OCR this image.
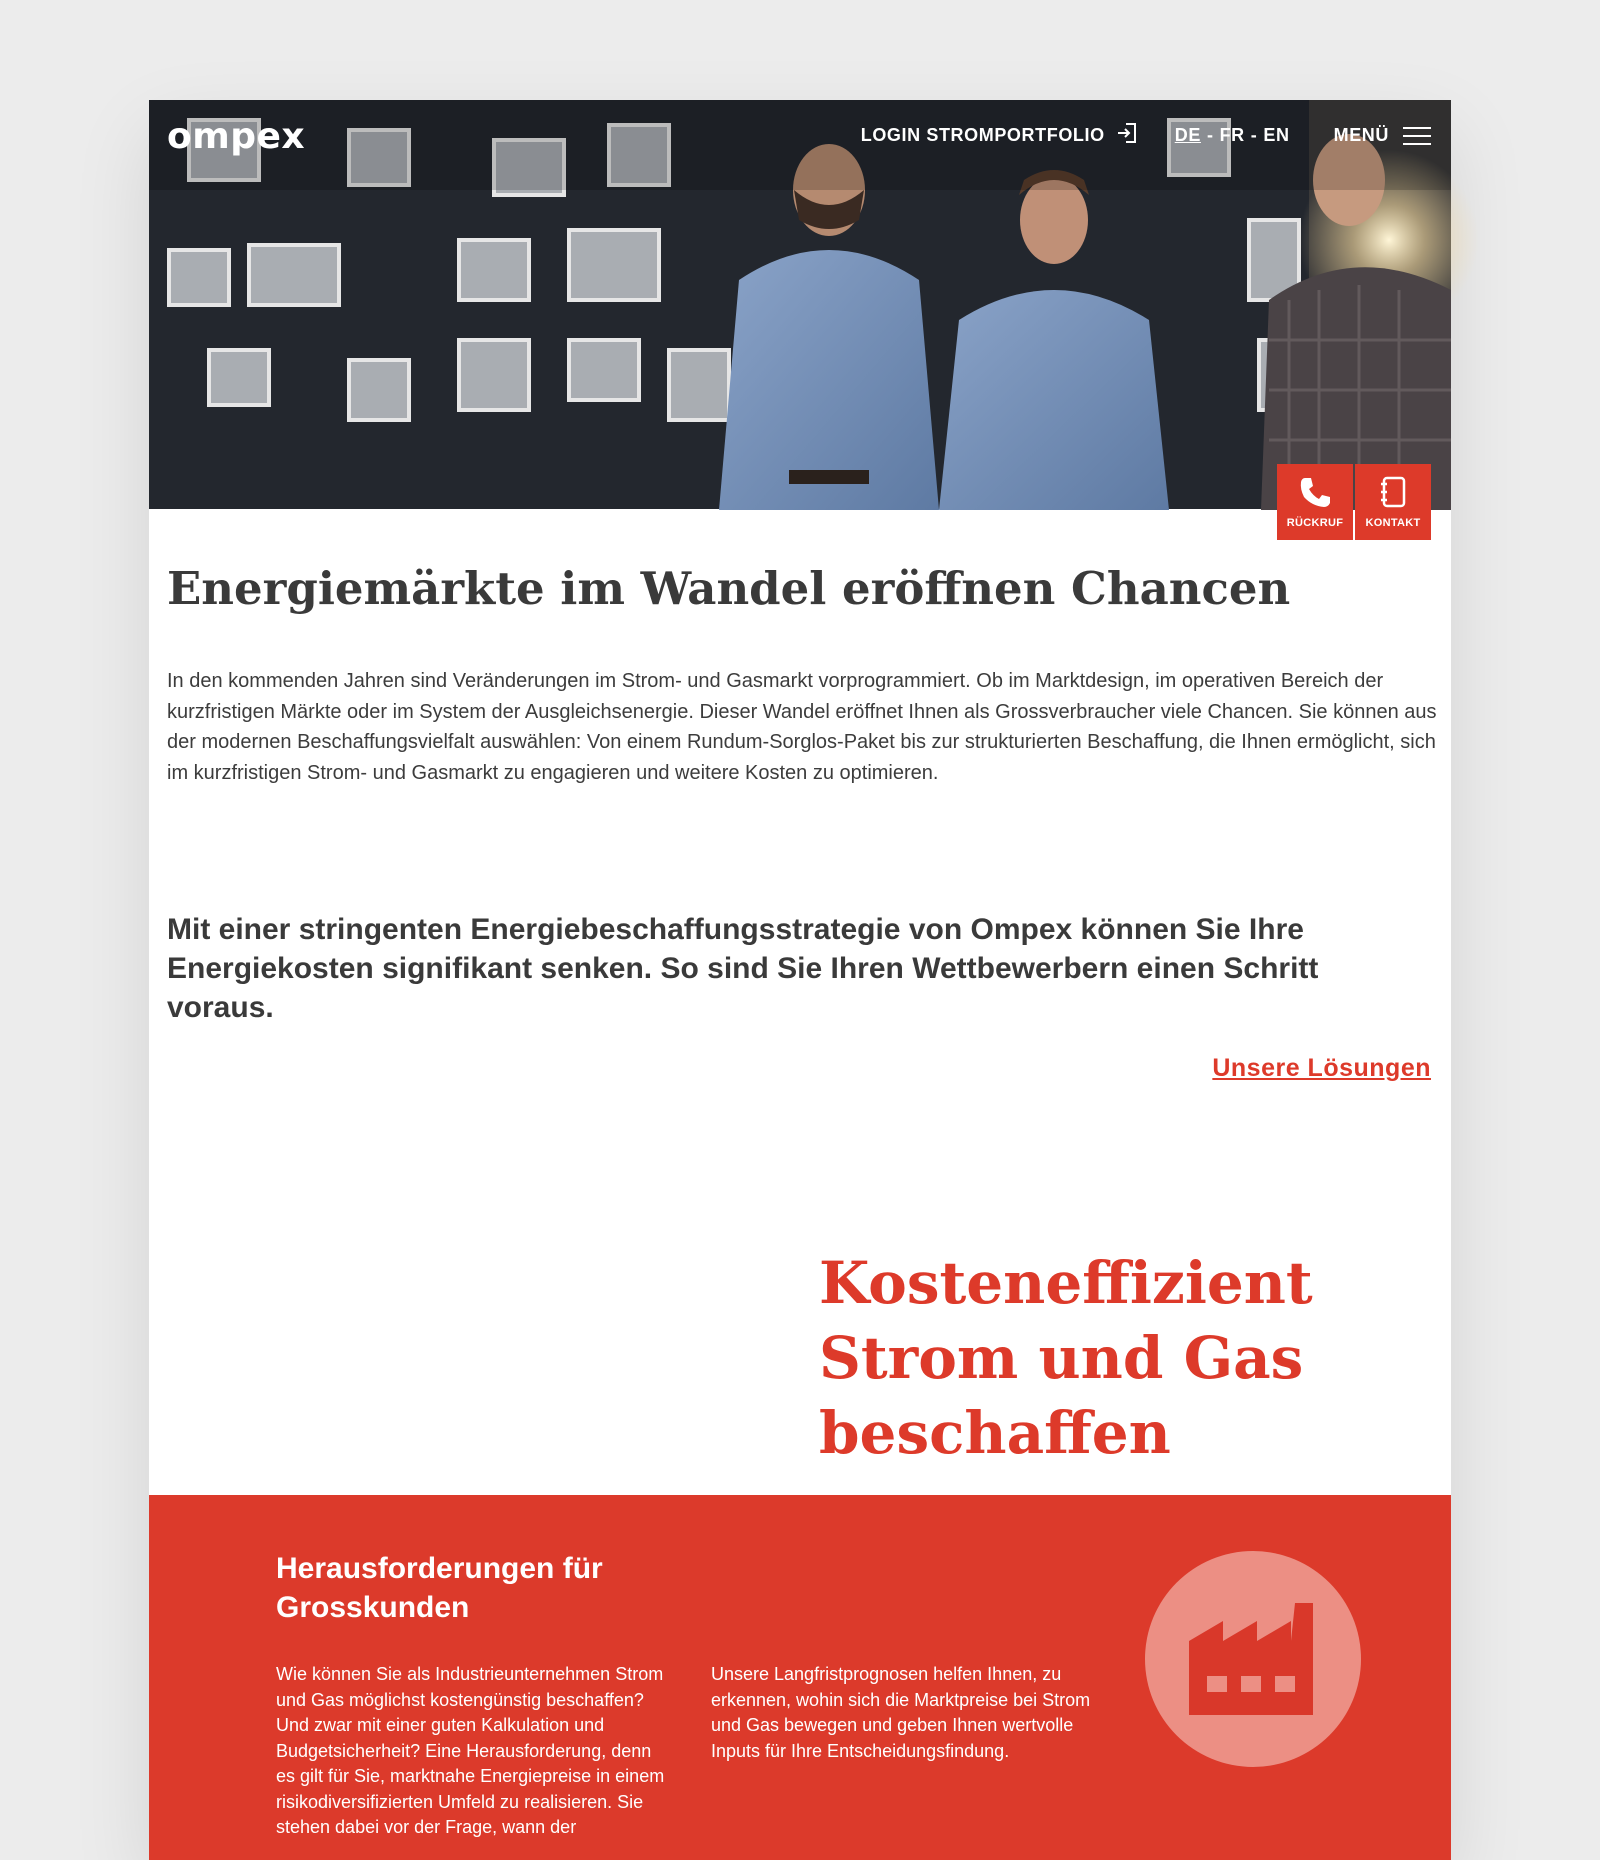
ompex	LOGIN STROMPORTFOLIO	DE - FR - EN MENÜ
RÜCKRUF KONTAKT
Energiemärkte im Wandel eröffnen Chancen

In den kommenden Jahren sind Veränderungen im Strom- und Gasmarkt vorprogrammiert. Ob im Marktdesign, im operativen Bereich der kurzfristigen Märkte oder im System der Ausgleichsenergie. Dieser Wandel eröffnet Ihnen als Grossverbraucher viele Chancen. Sie können aus der modernen Beschaffungsvielfalt auswählen: Von einem Rundum-Sorglos-Paket bis zur strukturierten Beschaffung, die Ihnen ermöglicht, sich im kurzfristigen Strom- und Gasmarkt zu engagieren und weitere Kosten zu optimieren.

Mit einer stringenten Energiebeschaffungsstrategie von Ompex können Sie Ihre Energiekosten signifikant senken. So sind Sie Ihren Wettbewerbern einen Schritt voraus.

Unsere Lösungen
Kosteneffizient Strom und Gas beschaffen
Herausforderungen für Grosskunden

Wie können Sie als Industrieunternehmen Strom und Gas möglichst kostengünstig beschaffen? Und zwar mit einer guten Kalkulation und Budgetsicherheit? Eine Herausforderung, denn es gilt für Sie, marktnahe Energiepreise in einem risikodiversifizierten Umfeld zu realisieren. Sie stehen dabei vor der Frage, wann der

Unsere Langfristprognosen helfen Ihnen, zu erkennen, wohin sich die Marktpreise bei Strom und Gas bewegen und geben Ihnen wertvolle Inputs für Ihre Entscheidungsfindung.
